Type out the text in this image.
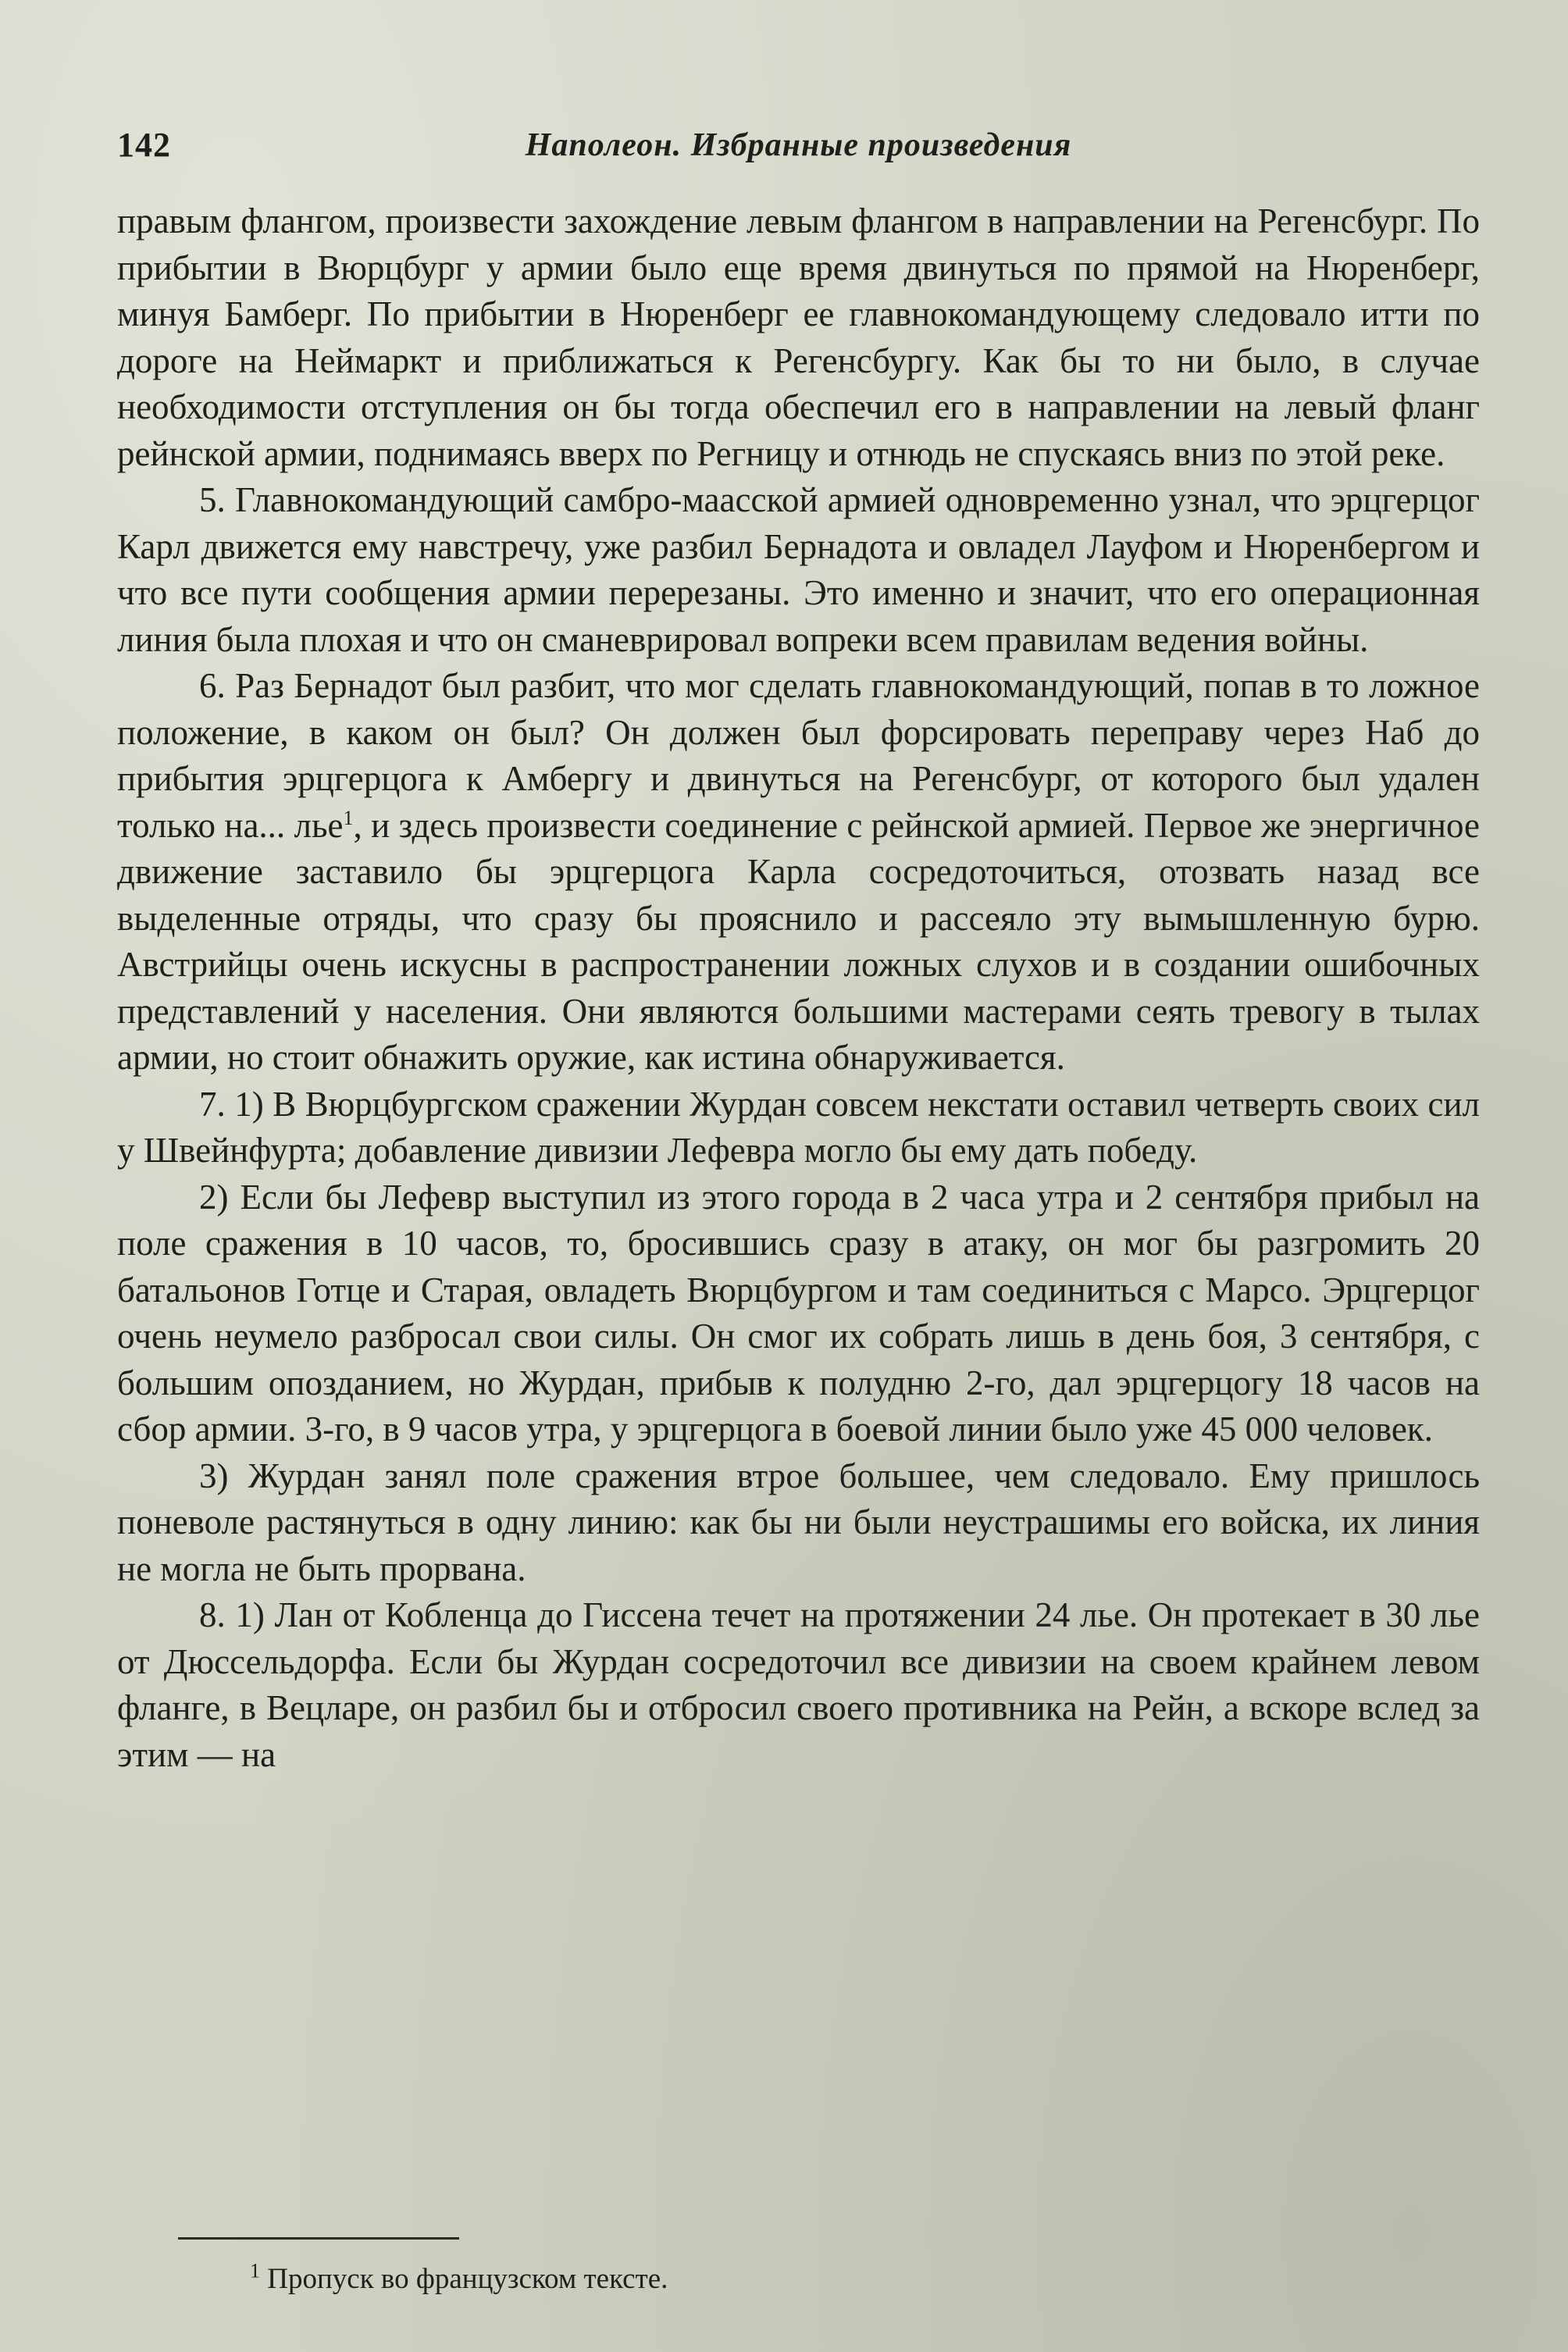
142	Наполеон. Избранные произведения

правым флангом, произвести захождение левым флангом в направлении на Регенсбург. По прибытии в Вюрцбург у армии было еще время двинуться по прямой на Нюренберг, минуя Бамберг. По прибытии в Нюренберг ее главнокомандующему следовало итти по дороге на Неймаркт и приближаться к Регенсбургу. Как бы то ни было, в случае необходимости отступления он бы тогда обеспечил его в направлении на левый фланг рейнской армии, поднимаясь вверх по Регницу и отнюдь не спускаясь вниз по этой реке.

5. Главнокомандующий самбро-маасской армией одновременно узнал, что эрцгерцог Карл движется ему навстречу, уже разбил Бернадота и овладел Лауфом и Нюренбергом и что все пути сообщения армии перерезаны. Это именно и значит, что его операционная линия была плохая и что он сманеврировал вопреки всем правилам ведения войны.

6. Раз Бернадот был разбит, что мог сделать главнокомандующий, попав в то ложное положение, в каком он был? Он должен был форсировать переправу через Наб до прибытия эрцгерцога к Амбергу и двинуться на Регенсбург, от которого был удален только на... лье$^1$, и здесь произвести соединение с рейнской армией. Первое же энергичное движение заставило бы эрцгерцога Карла сосредоточиться, отозвать назад все выделенные отряды, что сразу бы прояснило и рассеяло эту вымышленную бурю. Австрийцы очень искусны в распространении ложных слухов и в создании ошибочных представлений у населения. Они являются большими мастерами сеять тревогу в тылах армии, но стоит обнажить оружие, как истина обнаруживается.

7. 1) В Вюрцбургском сражении Журдан совсем некстати оставил четверть своих сил у Швейнфурта; добавление дивизии Лефевра могло бы ему дать победу.

2) Если бы Лефевр выступил из этого города в 2 часа утра и 2 сентября прибыл на поле сражения в 10 часов, то, бросившись сразу в атаку, он мог бы разгромить 20 батальонов Готце и Старая, овладеть Вюрцбургом и там соединиться с Марсо. Эрцгерцог очень неумело разбросал свои силы. Он смог их собрать лишь в день боя, 3 сентября, с большим опозданием, но Журдан, прибыв к полудню 2-го, дал эрцгерцогу 18 часов на сбор армии. 3-го, в 9 часов утра, у эрцгерцога в боевой линии было уже 45 000 человек.

3) Журдан занял поле сражения втрое большее, чем следовало. Ему пришлось поневоле растянуться в одну линию: как бы ни были неустрашимы его войска, их линия не могла не быть прорвана.

8. 1) Лан от Кобленца до Гиссена течет на протяжении 24 лье. Он протекает в 30 лье от Дюссельдорфа. Если бы Журдан сосредоточил все дивизии на своем крайнем левом фланге, в Вецларе, он разбил бы и отбросил своего противника на Рейн, а вскоре вслед за этим — на

$^1$ Пропуск во французском тексте.
